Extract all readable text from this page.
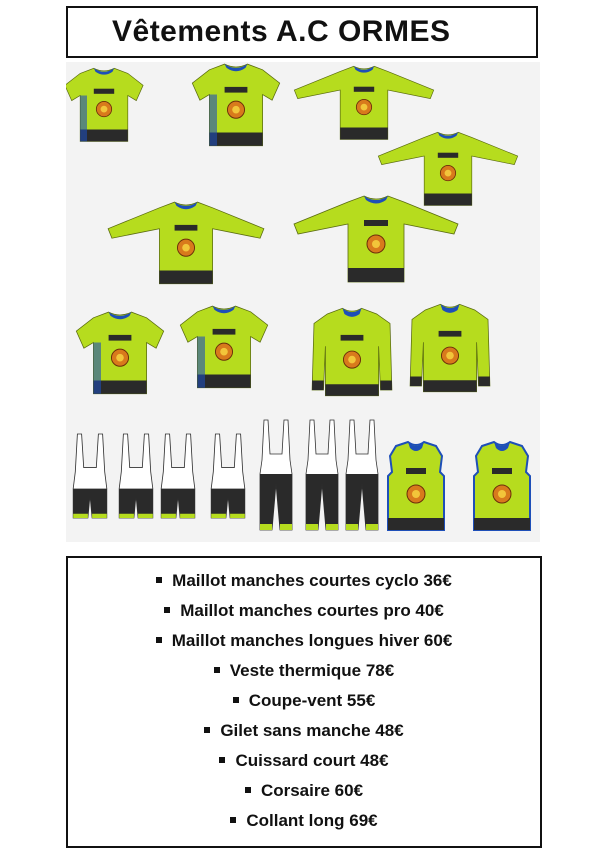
Vêtements A.C ORMES
Maillot manches courtes cyclo 36€
Maillot manches courtes pro 40€
Maillot manches longues hiver 60€
Veste thermique 78€
Coupe-vent 55€
Gilet sans manche 48€
Cuissard court 48€
Corsaire 60€
Collant long 69€
